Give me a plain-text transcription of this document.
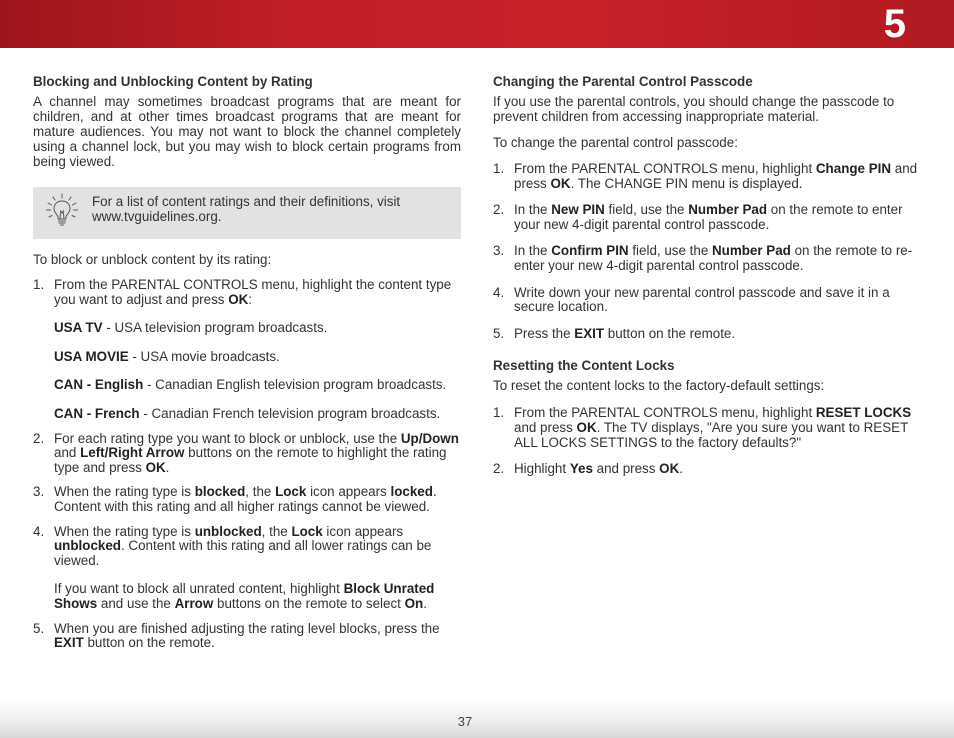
5
Blocking and Unblocking Content by Rating

A channel may sometimes broadcast programs that are meant for children, and at other times broadcast programs that are meant for mature audiences. You may not want to block the channel completely using a channel lock, but you may wish to block certain programs from being viewed.

For a list of content ratings and their definitions, visit www.tvguidelines.org.

To block or unblock content by its rating:

1. From the PARENTAL CONTROLS menu, highlight the content type you want to adjust and press OK:
USA TV - USA television program broadcasts.
USA MOVIE - USA movie broadcasts.
CAN - English - Canadian English television program broadcasts.
CAN - French - Canadian French television program broadcasts.
2. For each rating type you want to block or unblock, use the Up/Down and Left/Right Arrow buttons on the remote to highlight the rating type and press OK.
3. When the rating type is blocked, the Lock icon appears locked. Content with this rating and all higher ratings cannot be viewed.
4. When the rating type is unblocked, the Lock icon appears unblocked. Content with this rating and all lower ratings can be viewed.
If you want to block all unrated content, highlight Block Unrated Shows and use the Arrow buttons on the remote to select On.
5. When you are finished adjusting the rating level blocks, press the EXIT button on the remote.
Changing the Parental Control Passcode

If you use the parental controls, you should change the passcode to prevent children from accessing inappropriate material.

To change the parental control passcode:

1. From the PARENTAL CONTROLS menu, highlight Change PIN and press OK. The CHANGE PIN menu is displayed.
2. In the New PIN field, use the Number Pad on the remote to enter your new 4-digit parental control passcode.
3. In the Confirm PIN field, use the Number Pad on the remote to re-enter your new 4-digit parental control passcode.
4. Write down your new parental control passcode and save it in a secure location.
5. Press the EXIT button on the remote.
Resetting the Content Locks

To reset the content locks to the factory-default settings:

1. From the PARENTAL CONTROLS menu, highlight RESET LOCKS and press OK. The TV displays, "Are you sure you want to RESET ALL LOCKS SETTINGS to the factory defaults?"
2. Highlight Yes and press OK.
37
